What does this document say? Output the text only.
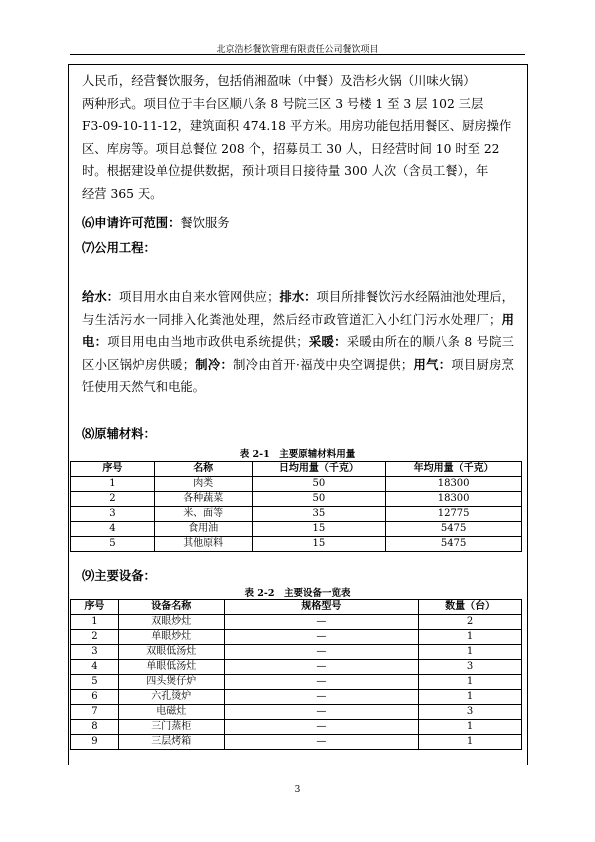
北京浩杉餐饮管理有限责任公司餐饮项目
人民币，经营餐饮服务，包括俏湘盈味（中餐）及浩杉火锅（川味火锅）
两种形式。项目位于丰台区顺八条 8 号院三区 3 号楼 1 至 3 层 102 三层
F3-09-10-11-12，建筑面积 474.18 平方米。用房功能包括用餐区、厨房操作
区、库房等。项目总餐位 208 个，招募员工 30 人，日经营时间 10 时至 22
时。根据建设单位提供数据，预计项目日接待量 300 人次（含员工餐），年
经营 365 天。
⑹申请许可范围：餐饮服务
⑺公用工程：
给水：项目用水由自来水管网供应；排水：项目所排餐饮污水经隔油池处理后，与生活污水一同排入化粪池处理，然后经市政管道汇入小红门污水处理厂；用电：项目用电由当地市政供电系统提供；采暖：采暖由所在的顺八条 8 号院三区小区锅炉房供暖；制冷：制冷由首开·福茂中央空调提供；用气：项目厨房烹饪使用天然气和电能。
⑻原辅材料：
表 2-1　主要原辅材料用量
序号	名称	日均用量（千克）	年均用量（千克）
1	肉类	50	18300
2	各种蔬菜	50	18300
3	米、面等	35	12775
4	食用油	15	5475
5	其他原料	15	5475
⑼主要设备：
表 2-2　主要设备一览表
序号	设备名称	规格型号	数量（台）
1	双眼炒灶	—	2
2	单眼炒灶	—	1
3	双眼低汤灶	—	1
4	单眼低汤灶	—	3
5	四头煲仔炉	—	1
6	六孔烫炉	—	1
7	电磁灶	—	3
8	三门蒸柜	—	1
9	三层烤箱	—	1
3
